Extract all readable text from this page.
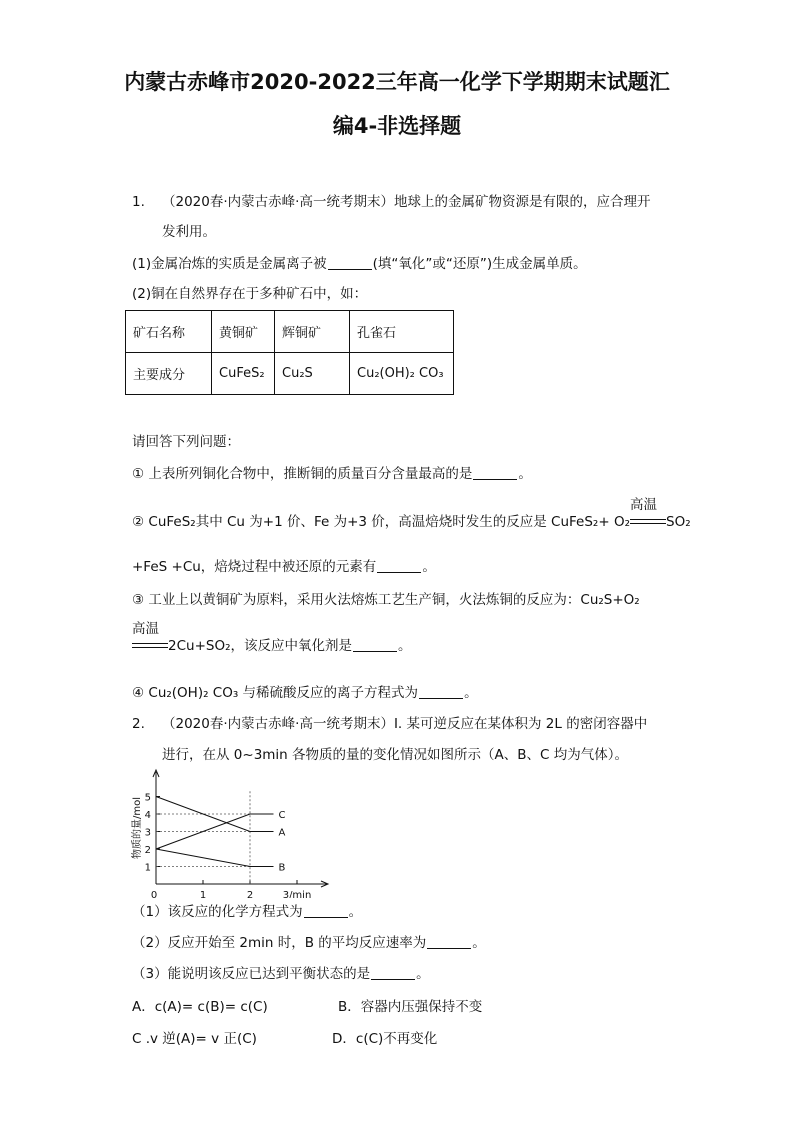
内蒙古赤峰市2020-2022三年高一化学下学期期末试题汇
编4-非选择题
1. （2020春·内蒙古赤峰·高一统考期末）地球上的金属矿物资源是有限的，应合理开
发利用。
(1)金属冶炼的实质是金属离子被	(填“氧化”或“还原”)生成金属单质。
(2)铜在自然界存在于多种矿石中，如：
矿石名称	黄铜矿	辉铜矿	孔雀石
主要成分	CuFeS₂	Cu₂S	Cu₂(OH)₂ CO₃
请回答下列问题：
① 上表所列铜化合物中，推断铜的质量百分含量最高的是	。
② CuFeS₂其中 Cu 为+1 价、Fe 为+3 价，高温焙烧时发生的反应是 CuFeS₂+ O₂
高温
SO₂
+FeS +Cu，焙烧过程中被还原的元素有	。
③ 工业上以黄铜矿为原料，采用火法熔炼工艺生产铜，火法炼铜的反应为：Cu₂S+O₂
高温
2Cu+SO₂，该反应中氧化剂是	。
④ Cu₂(OH)₂ CO₃ 与稀硫酸反应的离子方程式为	。
2. （2020春·内蒙古赤峰·高一统考期末）I. 某可逆反应在某体积为 2L 的密闭容器中
进行，在从 0~3min 各物质的量的变化情况如图所示（A、B、C 均为气体）。
1
2
3
4
5
0	1	2	3/min
物质的量/mol	C
A
B
（1）该反应的化学方程式为	。
（2）反应开始至 2min 时，B 的平均反应速率为	。
（3）能说明该反应已达到平衡状态的是	。
A．c(A)= c(B)= c(C)	B．容器内压强保持不变
C .v 逆(A)= v 正(C)	D．c(C)不再变化
